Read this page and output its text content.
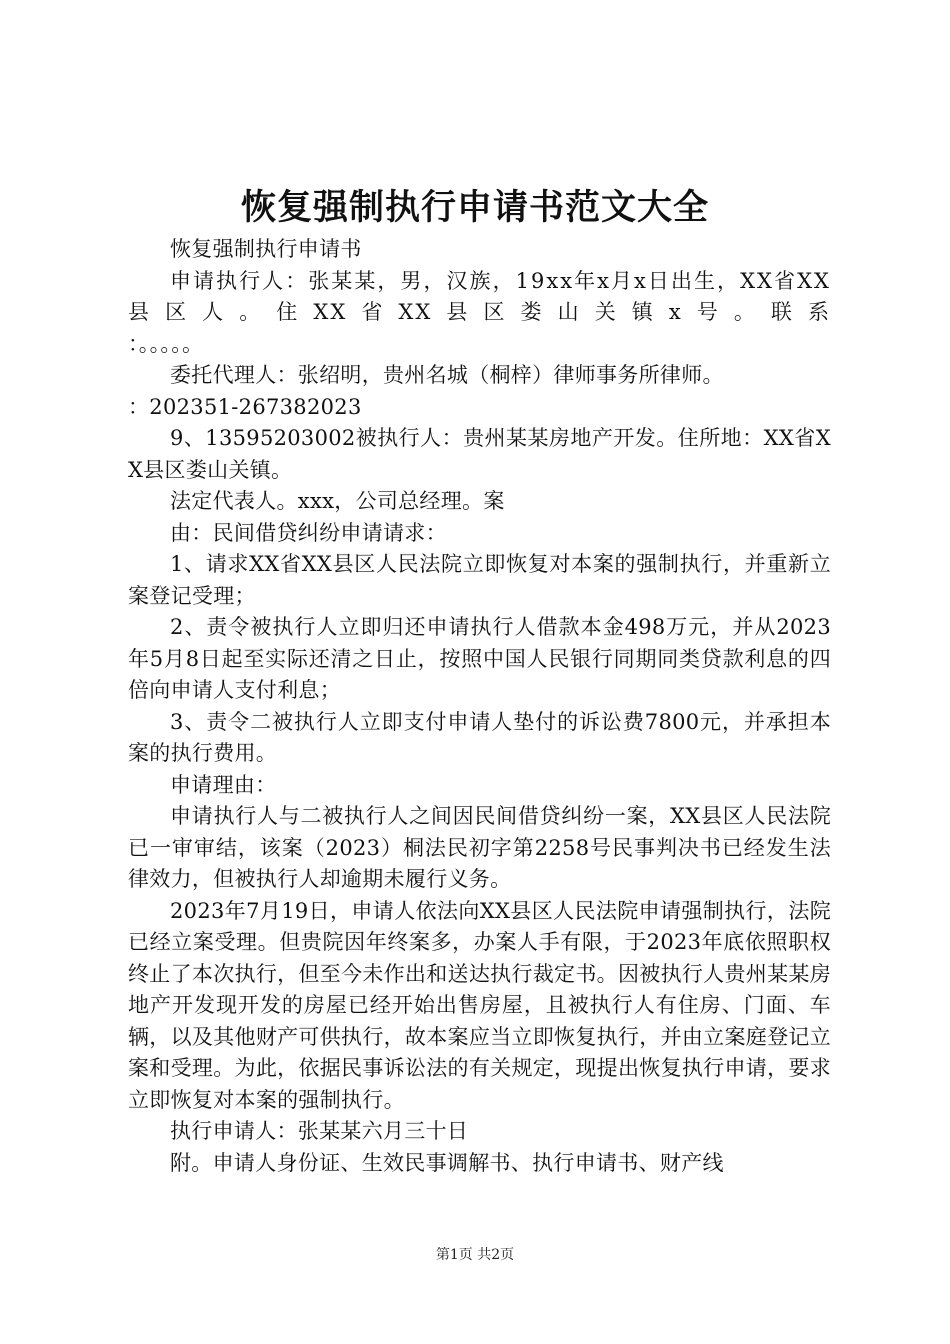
恢复强制执行申请书范文大全

恢复强制执行申请书

申请执行人：张某某，男，汉族，19xx年x月x日出生，XX省XX县区人。住XX省XX县区娄山关镇x号。联系

：。。。。。

委托代理人：张绍明，贵州名城（桐梓）律师事务所律师。

：202351-267382023

9、13595203002被执行人：贵州某某房地产开发。住所地：XX省XX县区娄山关镇。

法定代表人。xxx，公司总经理。案

由：民间借贷纠纷申请请求：

1、请求XX省XX县区人民法院立即恢复对本案的强制执行，并重新立案登记受理；

2、责令被执行人立即归还申请执行人借款本金498万元，并从2023年5月8日起至实际还清之日止，按照中国人民银行同期同类贷款利息的四倍向申请人支付利息；

3、责令二被执行人立即支付申请人垫付的诉讼费7800元，并承担本案的执行费用。

申请理由：

申请执行人与二被执行人之间因民间借贷纠纷一案，XX县区人民法院已一审审结，该案（2023）桐法民初字第2258号民事判决书已经发生法律效力，但被执行人却逾期未履行义务。

2023年7月19日，申请人依法向XX县区人民法院申请强制执行，法院已经立案受理。但贵院因年终案多，办案人手有限，于2023年底依照职权终止了本次执行，但至今未作出和送达执行裁定书。因被执行人贵州某某房地产开发现开发的房屋已经开始出售房屋，且被执行人有住房、门面、车辆，以及其他财产可供执行，故本案应当立即恢复执行，并由立案庭登记立案和受理。为此，依据民事诉讼法的有关规定，现提出恢复执行申请，要求立即恢复对本案的强制执行。

执行申请人：张某某六月三十日

附。申请人身份证、生效民事调解书、执行申请书、财产线

第1页 共2页
